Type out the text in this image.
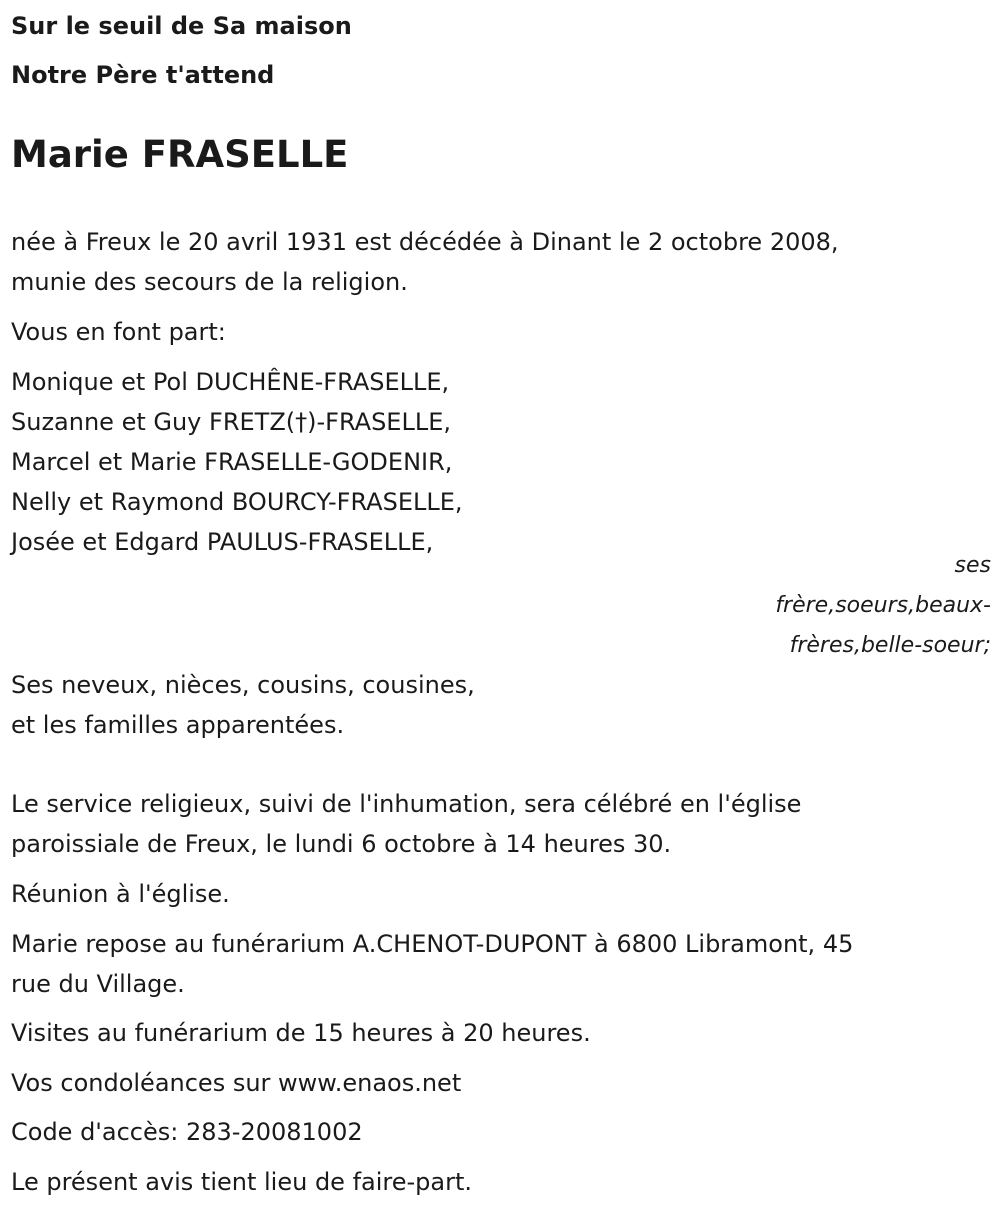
Sur le seuil de Sa maison

Notre Père t'attend

Marie FRASELLE
née à Freux le 20 avril 1931 est décédée à Dinant le 2 octobre 2008,
munie des secours de la religion.
Vous en font part:
Monique et Pol DUCHÊNE-FRASELLE,
Suzanne et Guy FRETZ(†)-FRASELLE,
Marcel et Marie FRASELLE-GODENIR,
Nelly et Raymond BOURCY-FRASELLE,
Josée et Edgard PAULUS-FRASELLE,
ses
frère,soeurs,beaux-
frères,belle-soeur;
Ses neveux, nièces, cousins, cousines,
et les familles apparentées.
Le service religieux, suivi de l'inhumation, sera célébré en l'église
paroissiale de Freux, le lundi 6 octobre à 14 heures 30.
Réunion à l'église.
Marie repose au funérarium A.CHENOT-DUPONT à 6800 Libramont, 45
rue du Village.
Visites au funérarium de 15 heures à 20 heures.
Vos condoléances sur www.enaos.net
Code d'accès: 283-20081002
Le présent avis tient lieu de faire-part.
